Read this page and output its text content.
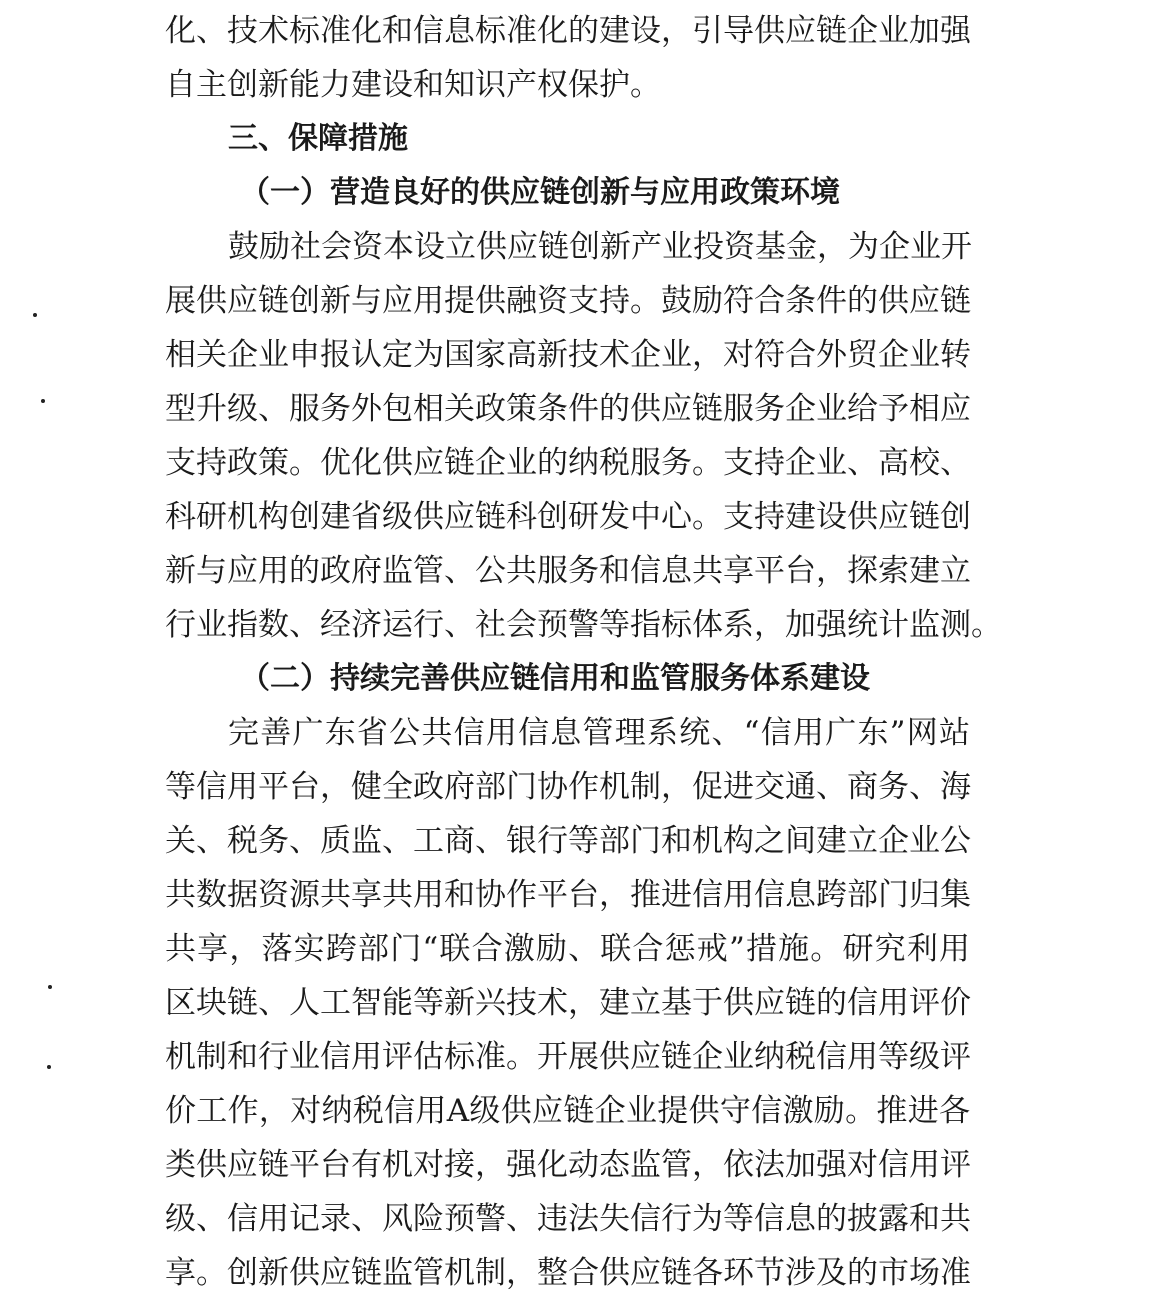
化、技术标准化和信息标准化的建设，引导供应链企业加强
自主创新能力建设和知识产权保护。
三、保障措施
（一）营造良好的供应链创新与应用政策环境
鼓励社会资本设立供应链创新产业投资基金，为企业开
展供应链创新与应用提供融资支持。鼓励符合条件的供应链
相关企业申报认定为国家高新技术企业，对符合外贸企业转
型升级、服务外包相关政策条件的供应链服务企业给予相应
支持政策。优化供应链企业的纳税服务。支持企业、高校、
科研机构创建省级供应链科创研发中心。支持建设供应链创
新与应用的政府监管、公共服务和信息共享平台，探索建立
行业指数、经济运行、社会预警等指标体系，加强统计监测。
（二）持续完善供应链信用和监管服务体系建设
完善广东省公共信用信息管理系统、“信用广东”网站
等信用平台，健全政府部门协作机制，促进交通、商务、海
关、税务、质监、工商、银行等部门和机构之间建立企业公
共数据资源共享共用和协作平台，推进信用信息跨部门归集
共享，落实跨部门“联合激励、联合惩戒”措施。研究利用
区块链、人工智能等新兴技术，建立基于供应链的信用评价
机制和行业信用评估标准。开展供应链企业纳税信用等级评
价工作，对纳税信用A级供应链企业提供守信激励。推进各
类供应链平台有机对接，强化动态监管，依法加强对信用评
级、信用记录、风险预警、违法失信行为等信息的披露和共
享。创新供应链监管机制，整合供应链各环节涉及的市场准
